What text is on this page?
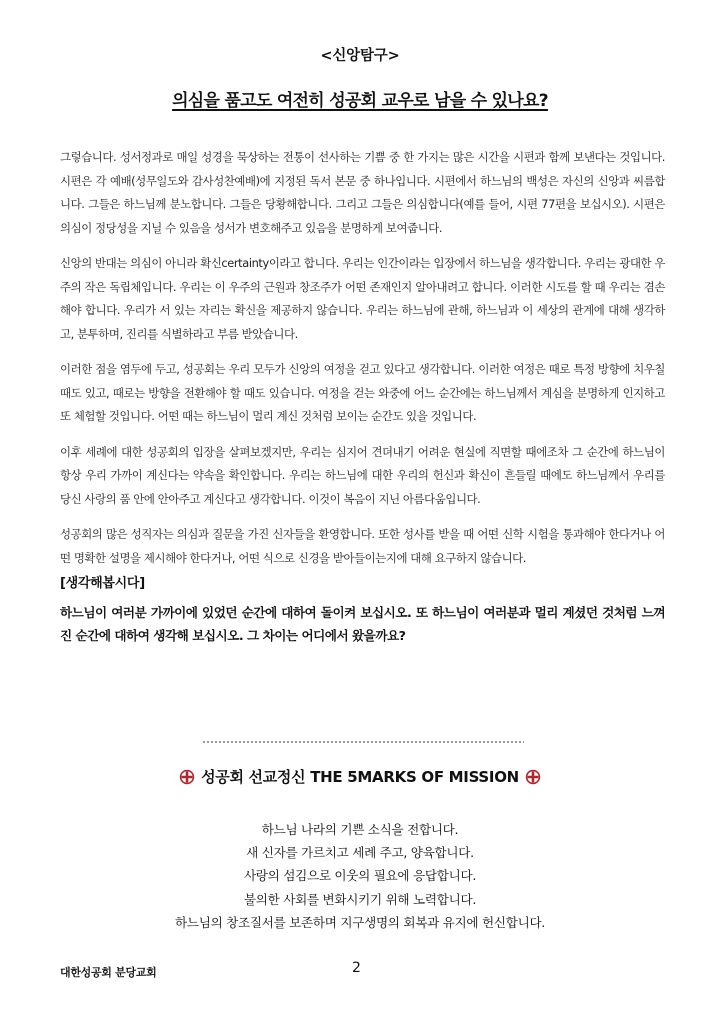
<신앙탐구>
의심을 품고도 여전히 성공회 교우로 남을 수 있나요?

그렇습니다. 성서정과로 매일 성경을 묵상하는 전통이 선사하는 기쁨 중 한 가지는 많은 시간을 시편과 함께 보낸다는 것입니다. 시편은 각 예배(성무일도와 감사성찬예배)에 지정된 독서 본문 중 하나입니다. 시편에서 하느님의 백성은 자신의 신앙과 씨름합니다. 그들은 하느님께 분노합니다. 그들은 당황해합니다. 그리고 그들은 의심합니다(예를 들어, 시편 77편을 보십시오). 시편은 의심이 정당성을 지닐 수 있음을 성서가 변호해주고 있음을 분명하게 보여줍니다.

신앙의 반대는 의심이 아니라 확신certainty이라고 합니다. 우리는 인간이라는 입장에서 하느님을 생각합니다. 우리는 광대한 우주의 작은 독립체입니다. 우리는 이 우주의 근원과 창조주가 어떤 존재인지 알아내려고 합니다. 이러한 시도를 할 때 우리는 겸손해야 합니다. 우리가 서 있는 자리는 확신을 제공하지 않습니다. 우리는 하느님에 관해, 하느님과 이 세상의 관계에 대해 생각하고, 분투하며, 진리를 식별하라고 부름 받았습니다.

이러한 점을 염두에 두고, 성공회는 우리 모두가 신앙의 여정을 걷고 있다고 생각합니다. 이러한 여정은 때로 특정 방향에 치우칠 때도 있고, 때로는 방향을 전환해야 할 때도 있습니다. 여정을 걷는 와중에 어느 순간에는 하느님께서 계심을 분명하게 인지하고 또 체험할 것입니다. 어떤 때는 하느님이 멀리 계신 것처럼 보이는 순간도 있을 것입니다.

이후 세례에 대한 성공회의 입장을 살펴보겠지만, 우리는 심지어 견뎌내기 어려운 현실에 직면할 때에조차 그 순간에 하느님이 항상 우리 가까이 계신다는 약속을 확인합니다. 우리는 하느님에 대한 우리의 헌신과 확신이 흔들릴 때에도 하느님께서 우리를 당신 사랑의 품 안에 안아주고 계신다고 생각합니다. 이것이 복음이 지닌 아름다움입니다.

성공회의 많은 성직자는 의심과 질문을 가진 신자들을 환영합니다. 또한 성사를 받을 때 어떤 신학 시험을 통과해야 한다거나 어떤 명확한 설명을 제시해야 한다거나, 어떤 식으로 신경을 받아들이는지에 대해 요구하지 않습니다.

[생각해봅시다]
하느님이 여러분 가까이에 있었던 순간에 대하여 돌이켜 보십시오. 또 하느님이 여러분과 멀리 계셨던 것처럼 느껴진 순간에 대하여 생각해 보십시오. 그 차이는 어디에서 왔을까요?
성공회 선교정신 THE 5MARKS OF MISSION
하느님 나라의 기쁜 소식을 전합니다.
새 신자를 가르치고 세례 주고, 양육합니다.
사랑의 섬김으로 이웃의 필요에 응답합니다.
불의한 사회를 변화시키기 위해 노력합니다.
하느님의 창조질서를 보존하며 지구생명의 회복과 유지에 헌신합니다.
대한성공회 분당교회	2
